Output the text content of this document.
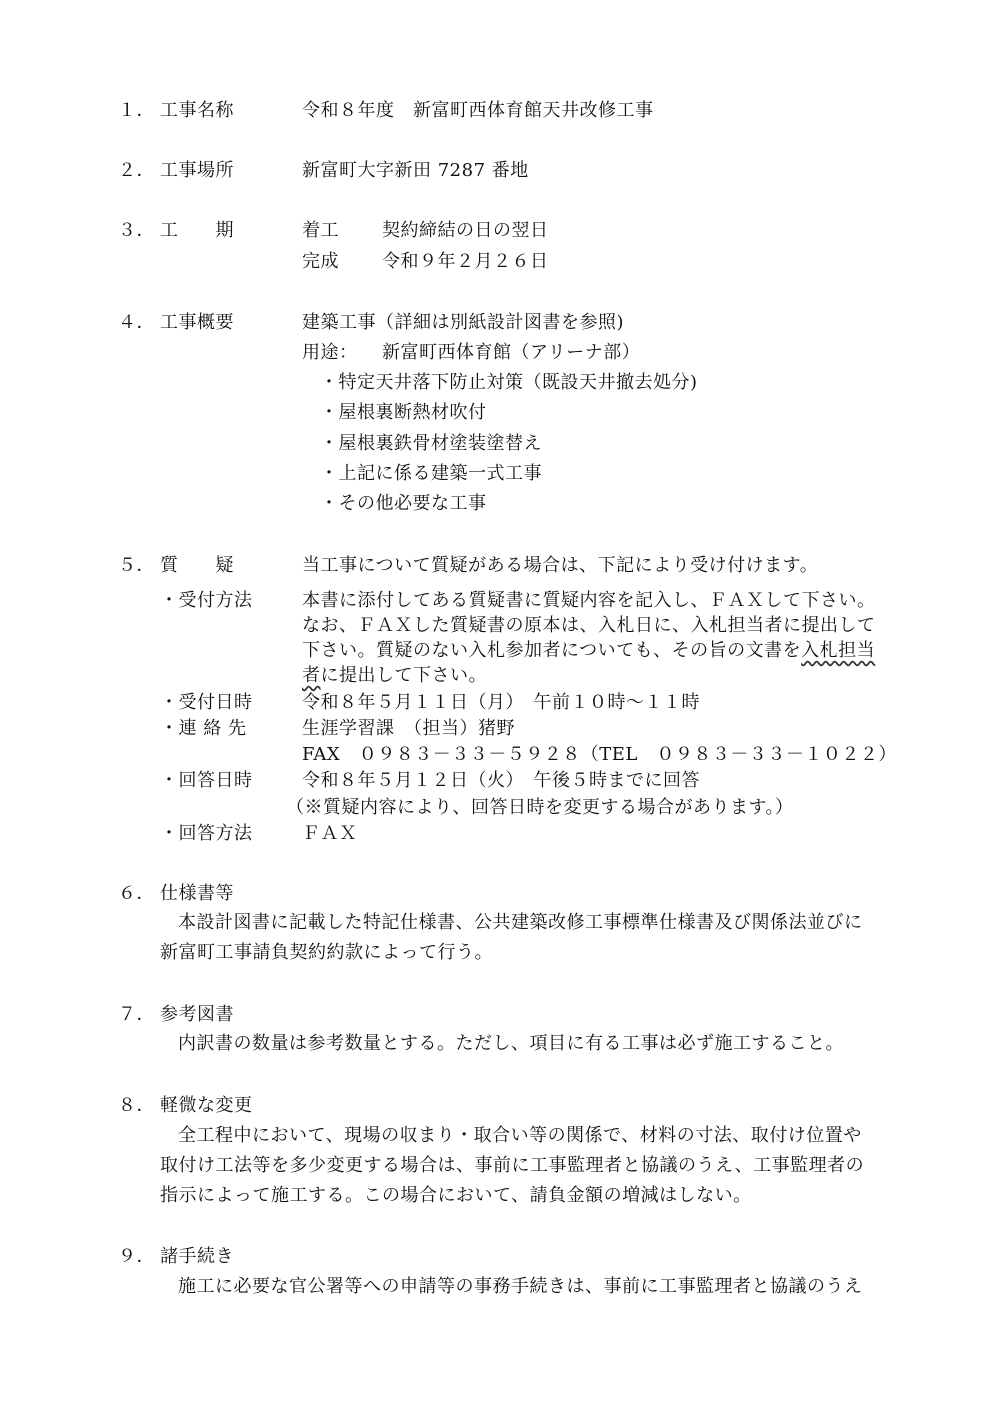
１． 工事名称	令和８年度　新富町西体育館天井改修工事
２． 工事場所	新富町大字新田 7287 番地
３． 工　　期	着工 契約締結の日の翌日
完成 令和９年２月２６日
４． 工事概要	建築工事（詳細は別紙設計図書を参照)
用途： 新富町西体育館（アリーナ部）
・特定天井落下防止対策（既設天井撤去処分)
・屋根裏断熱材吹付
・屋根裏鉄骨材塗装塗替え
・上記に係る建築一式工事
・その他必要な工事
５． 質　　疑	当工事について質疑がある場合は、下記により受け付けます。
・受付方法	本書に添付してある質疑書に質疑内容を記入し、ＦＡＸして下さい。
なお、ＦＡＸした質疑書の原本は、入札日に、入札担当者に提出して
下さい。質疑のない入札参加者についても、その旨の文書を入札担当
者に提出して下さい。
・受付日時	令和８年５月１１日（月）　午前１０時～１１時
・連 絡 先	生涯学習課　（担当）猪野
FAX　０９８３－３３－５９２８（TEL　０９８３－３３－１０２２）
・回答日時	令和８年５月１２日（火）　午後５時までに回答
（※質疑内容により、回答日時を変更する場合があります。）
・回答方法	ＦＡＸ
６． 仕様書等
本設計図書に記載した特記仕様書、公共建築改修工事標準仕様書及び関係法並びに
新富町工事請負契約約款によって行う。
７． 参考図書
内訳書の数量は参考数量とする。ただし、項目に有る工事は必ず施工すること。
８． 軽微な変更
全工程中において、現場の収まり・取合い等の関係で、材料の寸法、取付け位置や
取付け工法等を多少変更する場合は、事前に工事監理者と協議のうえ、工事監理者の
指示によって施工する。この場合において、請負金額の増減はしない。
９． 諸手続き
施工に必要な官公署等への申請等の事務手続きは、事前に工事監理者と協議のうえ
